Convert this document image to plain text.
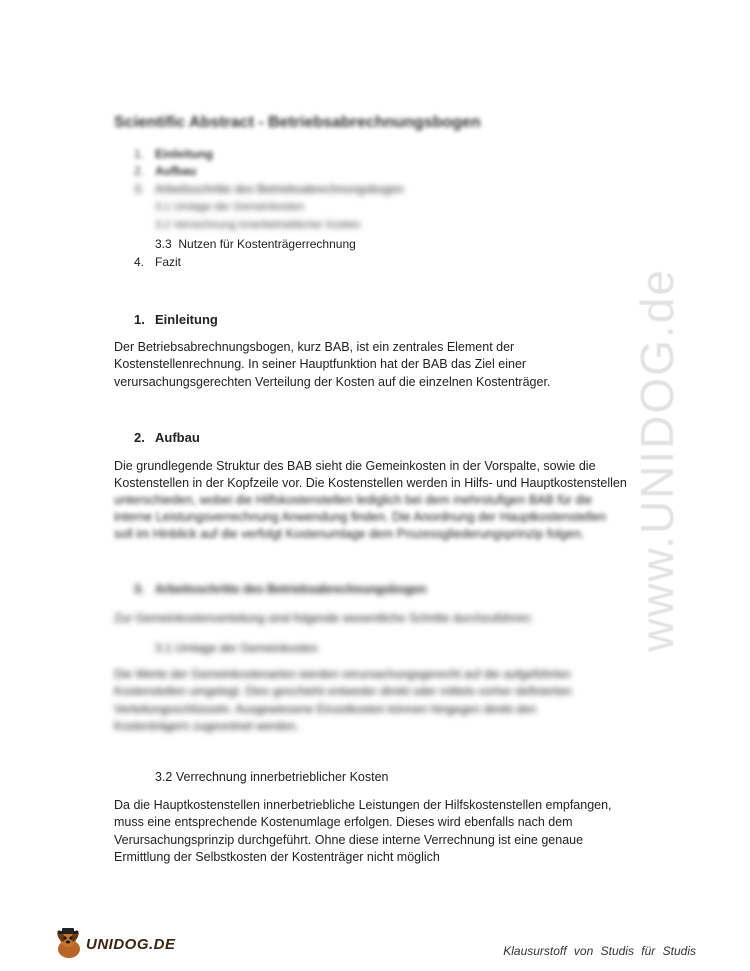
Scientific Abstract - Betriebsabrechnungsbogen
1. Einleitung
2. Aufbau
3. Arbeitsschritte des Betriebsabrechnungsbogen
3.1 Umlage der Gemeinkosten
3.2 Verrechnung innerbetrieblicher Kosten
3.3 Nutzen für Kostenträgerrechnung
4. Fazit
1. Einleitung
Der Betriebsabrechnungsbogen, kurz BAB, ist ein zentrales Element der
Kostenstellenrechnung. In seiner Hauptfunktion hat der BAB das Ziel einer
verursachungsgerechten Verteilung der Kosten auf die einzelnen Kostenträger.
2. Aufbau
Die grundlegende Struktur des BAB sieht die Gemeinkosten in der Vorspalte, sowie die
Kostenstellen in der Kopfzeile vor. Die Kostenstellen werden in Hilfs- und Hauptkostenstellen
unterschieden, wobei die Hilfskostenstellen lediglich bei dem mehrstufigen BAB für die
interne Leistungsverrechnung Anwendung finden. Die Anordnung der Hauptkostenstellen
soll im Hinblick auf die verfolgt Kostenumlage dem Prozessgliederungsprinzip folgen.
3. Arbeitsschritte des Betriebsabrechnungsbogen
Zur Gemeinkostenverteilung sind folgende wesentliche Schritte durchzuführen:
3.1 Umlage der Gemeinkosten
Die Werte der Gemeinkostenarten werden verursachungsgerecht auf die aufgeführten
Kostenstellen umgelegt. Dies geschieht entweder direkt oder mittels vorher definierten
Verteilungsschlüsseln. Ausgewiesene Einzelkosten können hingegen direkt den
Kostenträgern zugeordnet werden.
3.2 Verrechnung innerbetrieblicher Kosten
Da die Hauptkostenstellen innerbetriebliche Leistungen der Hilfskostenstellen empfangen,
muss eine entsprechende Kostenumlage erfolgen. Dieses wird ebenfalls nach dem
Verursachungsprinzip durchgeführt. Ohne diese interne Verrechnung ist eine genaue
Ermittlung der Selbstkosten der Kostenträger nicht möglich
www.UNIDOG.de
UNIDOG.DE	Klausurstoff von Studis für Studis
